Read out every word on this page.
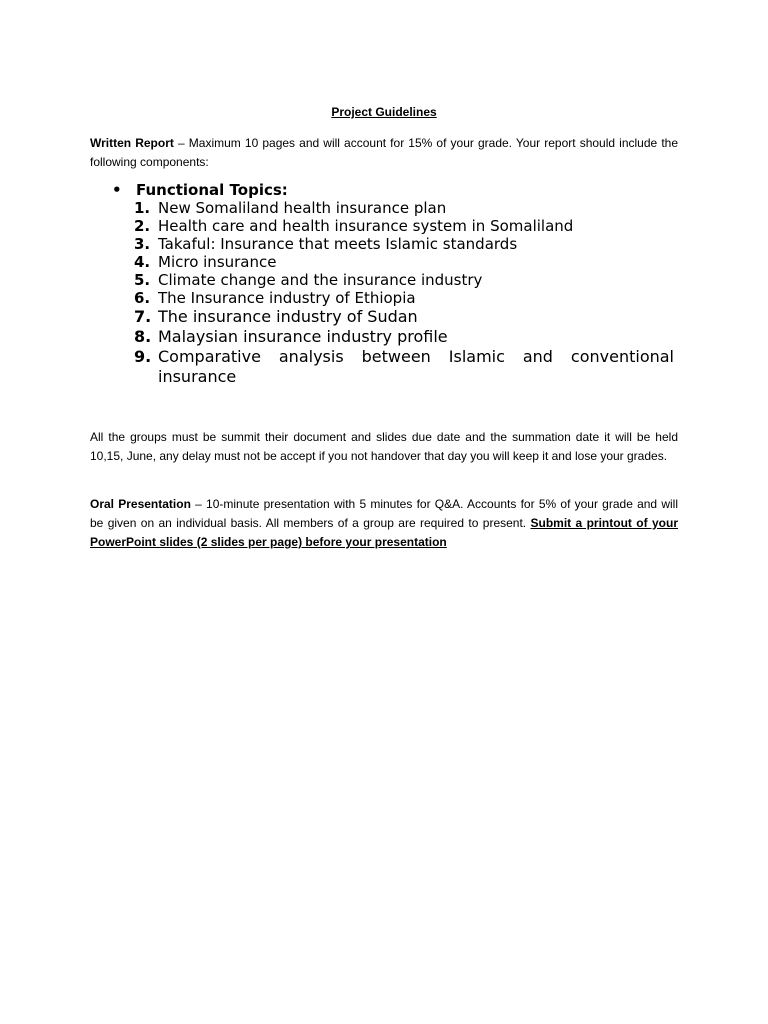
Project Guidelines
Written Report – Maximum 10 pages and will account for 15% of your grade. Your report should include the following components:
• Functional Topics:
1. New Somaliland health insurance plan
2. Health care and health insurance system in Somaliland
3. Takaful: Insurance that meets Islamic standards
4. Micro insurance
5. Climate change and the insurance industry
6. The Insurance industry of Ethiopia
7. The insurance industry of Sudan
8. Malaysian insurance industry profile
9. Comparative analysis between Islamic and conventional insurance
All the groups must be summit their document and slides due date and the summation date it will be held 10,15, June, any delay must not be accept if you not handover that day you will keep it and lose your grades.
Oral Presentation – 10-minute presentation with 5 minutes for Q&A. Accounts for 5% of your grade and will be given on an individual basis. All members of a group are required to present. Submit a printout of your PowerPoint slides (2 slides per page) before your presentation
